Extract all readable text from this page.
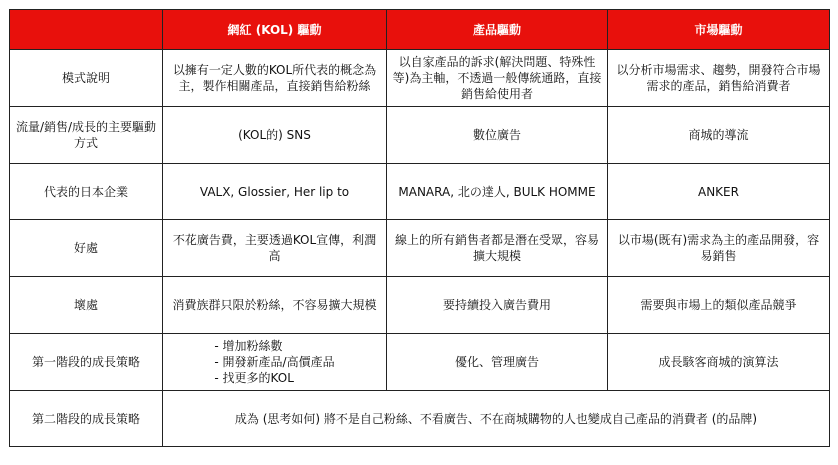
	網紅 (KOL) 驅動	產品驅動	市場驅動
模式說明	以擁有一定人數的KOL所代表的概念為主，製作相關產品，直接銷售給粉絲	以自家產品的訴求(解決問題、特殊性等)為主軸，不透過一般傳統通路，直接銷售給使用者	以分析市場需求、趨勢，開發符合市場需求的產品，銷售給消費者
流量/銷售/成長的主要驅動方式	(KOL的) SNS	數位廣告	商城的導流
代表的日本企業	VALX, Glossier, Her lip to	MANARA, 北の達人, BULK HOMME	ANKER
好處	不花廣告費，主要透過KOL宣傳，利潤高	線上的所有銷售者都是潛在受眾，容易擴大規模	以市場(既有)需求為主的產品開發，容易銷售
壞處	消費族群只限於粉絲，不容易擴大規模	要持續投入廣告費用	需要與市場上的類似產品競爭
第一階段的成長策略	- 增加粉絲數
- 開發新產品/高價產品
- 找更多的KOL	優化、管理廣告	成長駭客商城的演算法
第二階段的成長策略	成為 (思考如何) 將不是自己粉絲、不看廣告、不在商城購物的人也變成自己產品的消費者 (的品牌)		
